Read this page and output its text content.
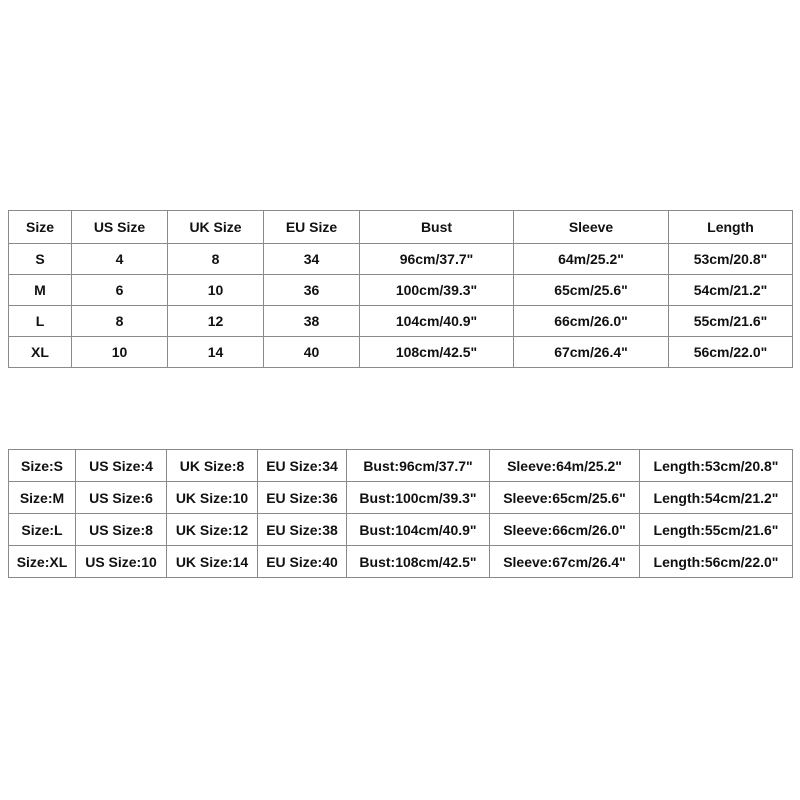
Size	US Size	UK Size	EU Size	Bust	Sleeve	Length
S	4	8	34	96cm/37.7"	64m/25.2"	53cm/20.8"
M	6	10	36	100cm/39.3"	65cm/25.6"	54cm/21.2"
L	8	12	38	104cm/40.9"	66cm/26.0"	55cm/21.6"
XL	10	14	40	108cm/42.5"	67cm/26.4"	56cm/22.0"
Size:S	US Size:4	UK Size:8	EU Size:34	Bust:96cm/37.7"	Sleeve:64m/25.2"	Length:53cm/20.8"
Size:M	US Size:6	UK Size:10	EU Size:36	Bust:100cm/39.3"	Sleeve:65cm/25.6"	Length:54cm/21.2"
Size:L	US Size:8	UK Size:12	EU Size:38	Bust:104cm/40.9"	Sleeve:66cm/26.0"	Length:55cm/21.6"
Size:XL	US Size:10	UK Size:14	EU Size:40	Bust:108cm/42.5"	Sleeve:67cm/26.4"	Length:56cm/22.0"
